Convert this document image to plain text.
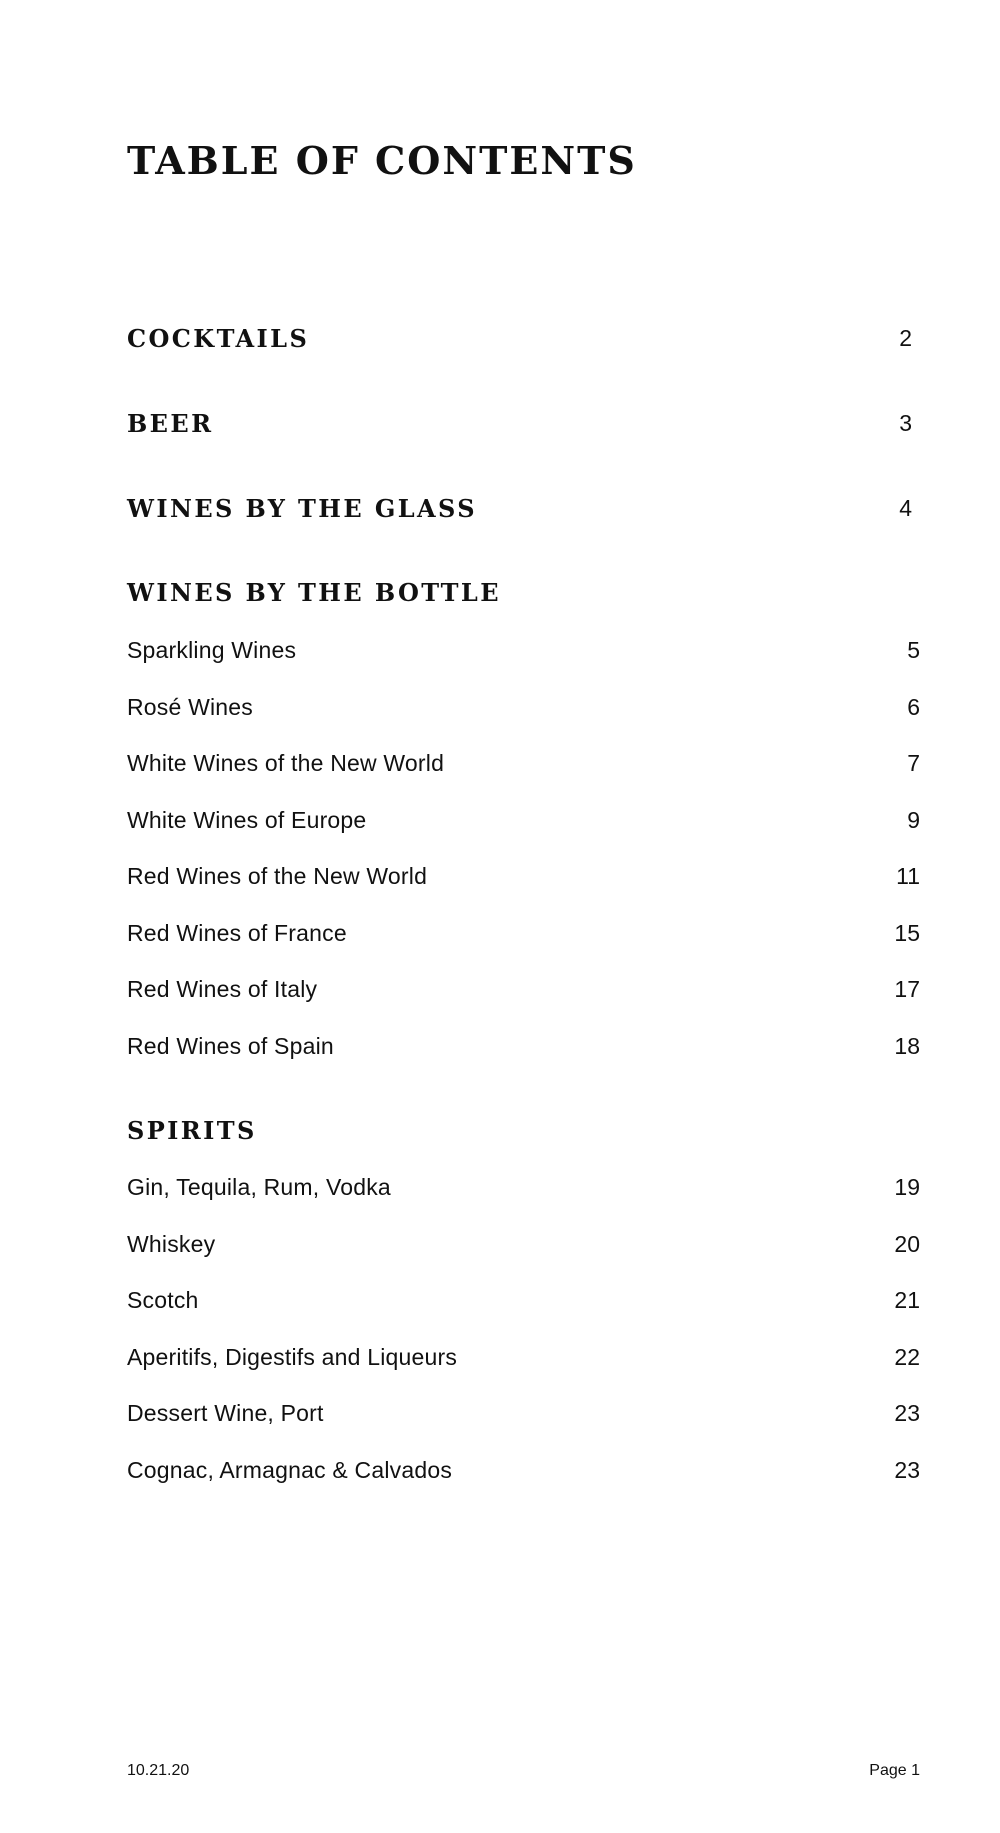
TABLE OF CONTENTS
COCKTAILS	2
BEER	3
WINES BY THE GLASS	4
WINES BY THE BOTTLE
Sparkling Wines	5
Rosé Wines	6
White Wines of the New World	7
White Wines of Europe	9
Red Wines of the New World	11
Red Wines of France	15
Red Wines of Italy	17
Red Wines of Spain	18
SPIRITS
Gin, Tequila, Rum, Vodka	19
Whiskey	20
Scotch	21
Aperitifs, Digestifs and Liqueurs	22
Dessert Wine, Port	23
Cognac, Armagnac & Calvados	23
10.21.20	Page 1
